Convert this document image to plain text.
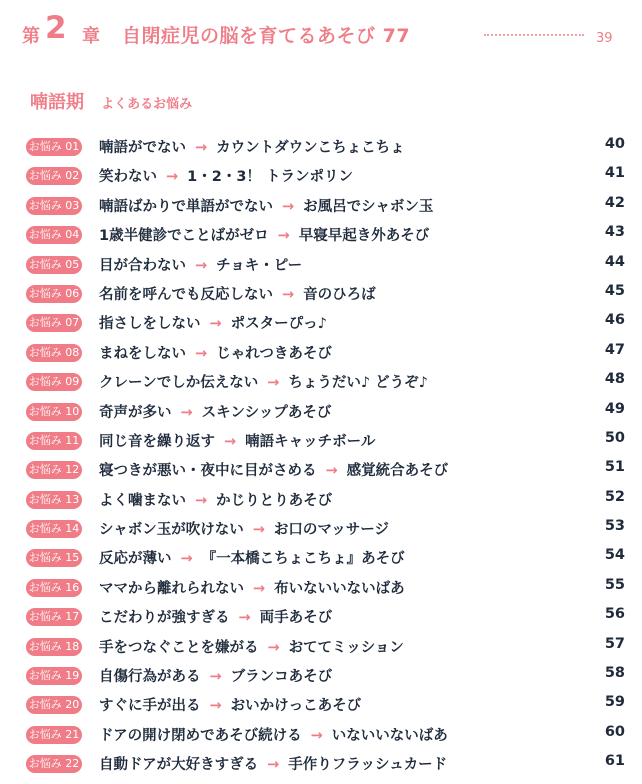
第 2 章 自閉症児の脳を育てるあそび 77	39
喃語期 よくあるお悩み
お悩み 01 喃語がでない → カウントダウンこちょこちょ	40
お悩み 02 笑わない → 1・2・3！ トランポリン	41
お悩み 03 喃語ばかりで単語がでない → お風呂でシャボン玉	42
お悩み 04 1歳半健診でことばがゼロ → 早寝早起き外あそび	43
お悩み 05 目が合わない → チョキ・ピー	44
お悩み 06 名前を呼んでも反応しない → 音のひろば	45
お悩み 07 指さしをしない → ポスターぴっ♪	46
お悩み 08 まねをしない → じゃれつきあそび	47
お悩み 09 クレーンでしか伝えない → ちょうだい♪ どうぞ♪	48
お悩み 10 奇声が多い → スキンシップあそび	49
お悩み 11 同じ音を繰り返す → 喃語キャッチボール	50
お悩み 12 寝つきが悪い・夜中に目がさめる → 感覚統合あそび	51
お悩み 13 よく噛まない → かじりとりあそび	52
お悩み 14 シャボン玉が吹けない → お口のマッサージ	53
お悩み 15 反応が薄い → 『一本橋こちょこちょ』あそび	54
お悩み 16 ママから離れられない → 布いないいないばあ	55
お悩み 17 こだわりが強すぎる → 両手あそび	56
お悩み 18 手をつなぐことを嫌がる → おててミッション	57
お悩み 19 自傷行為がある → ブランコあそび	58
お悩み 20 すぐに手が出る → おいかけっこあそび	59
お悩み 21 ドアの開け閉めであそび続ける → いないいないばあ	60
お悩み 22 自動ドアが大好きすぎる → 手作りフラッシュカード	61
